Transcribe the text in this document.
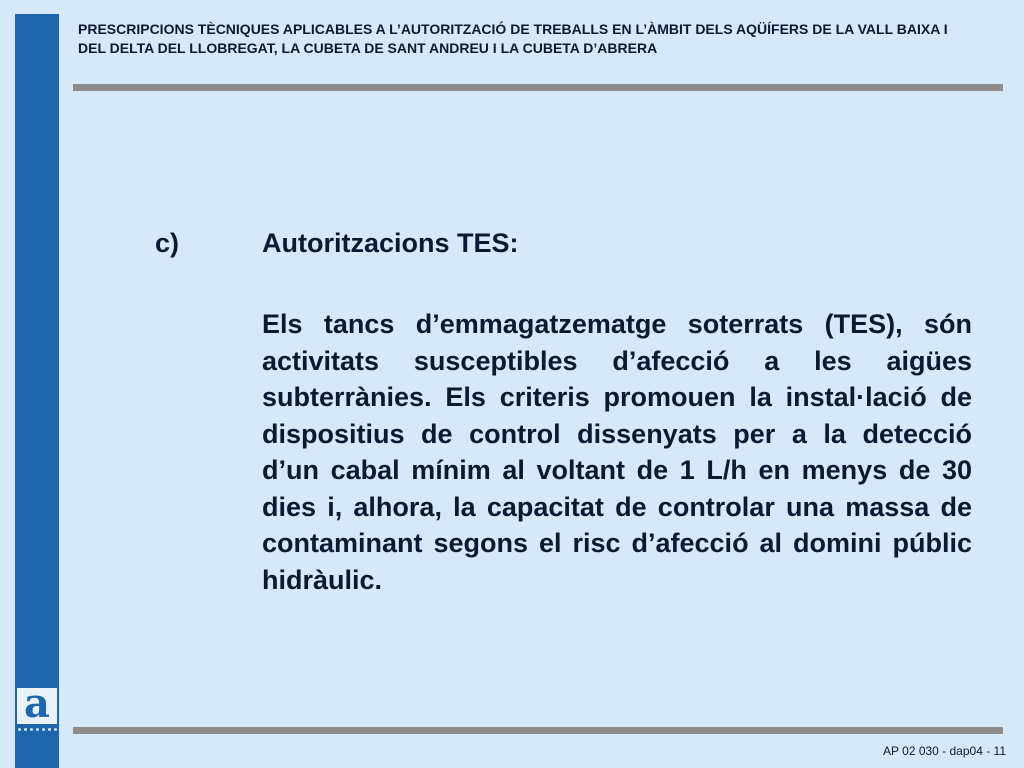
a
PRESCRIPCIONS TÈCNIQUES APLICABLES A L’AUTORITZACIÓ DE TREBALLS EN L’ÀMBIT DELS AQÜÍFERS DE LA VALL BAIXA I DEL DELTA DEL LLOBREGAT, LA CUBETA DE SANT ANDREU I LA CUBETA D’ABRERA
c)	Autoritzacions TES:
Els tancs d’emmagatzematge soterrats (TES), són activitats susceptibles d’afecció a les aigües subterrànies. Els criteris promouen la instal·lació de dispositius de control dissenyats per a la detecció d’un cabal mínim al voltant de 1 L/h en menys de 30 dies i, alhora, la capacitat de controlar una massa de contaminant segons el risc d’afecció al domini públic hidràulic.
AP 02 030 - dap04 - 11
